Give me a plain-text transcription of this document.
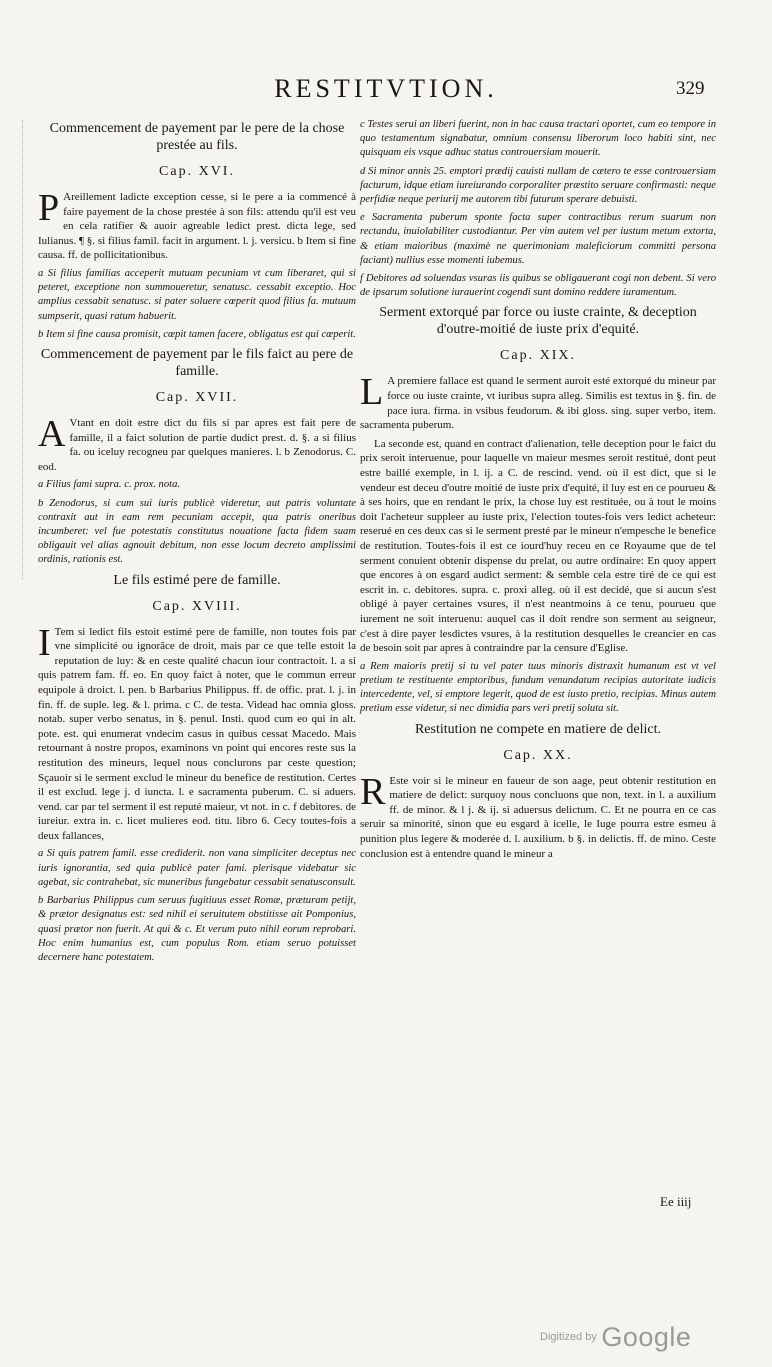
RESTITVTION.	329
Commencement de payement par le pere de la chose prestée au fils.
Cap. XVI.

P Areillement ladicte exception cesse, si le pere a ia commencé à faire payement de la chose prestée à son fils: attendu qu'il est veu en cela ratifier & auoir agreable ledict prest. dicta lege, sed Iulianus. ¶ §. si filius famil. facit in argument. l. j. versicu. b Item si fine causa. ff. de pollicitationibus.

a Si filius familias acceperit mutuam pecuniam vt cum liberaret, qui si peteret, exceptione non summoueretur, senatusc. cessabit exceptio. Hoc amplius cessabit senatusc. si pater soluere cœperit quod filius fa. mutuum sumpserit, quasi ratum habuerit.

b Item si fine causa promisit, cœpit tamen facere, obligatus est qui cœperit.

Commencement de payement par le fils faict au pere de famille.
Cap. XVII.

A Vtant en doit estre dict du fils si par apres est fait pere de famille, il a faict solution de partie dudict prest. d. §. a si filius fa. ou iceluy recogneu par quelques manieres. l. b Zenodorus. C. eod.

a Filius fami supra. c. prox. nota.

b Zenodorus, si cum sui iuris publicè videretur, aut patris voluntate contraxit aut in eam rem pecuniam accepit, qua patris oneribus incumberet: vel fue potestatis constitutus nouatione facta fidem suam obligauit vel alias agnouit debitum, non esse locum decreto amplissimi ordinis, rationis est.

Le fils estimé pere de famille.
Cap. XVIII.

I Tem si ledict fils estoit estimé pere de famille, non toutes fois par vne simplicité ou ignorâce de droit, mais par ce que telle estoit la reputation de luy: & en ceste qualité chacun iour contractoit. l. a si quis patrem fam. ff. eo. En quoy faict à noter, que le commun erreur equipole à droict. l. pen. b Barbarius Philippus. ff. de offic. prat. l. j. in fin. ff. de suple. leg. & l. prima. c C. de testa. Videad hac omnia gloss. notab. super verbo senatus, in §. penul. Insti. quod cum eo qui in alt. pote. est. qui enumerat vndecim casus in quibus cessat Macedo. Mais retournant à nostre propos, examinons vn point qui encores reste sus la restitution des mineurs, lequel nous conclurons par ceste question; Sçauoir si le serment exclud le mineur du benefice de restitution. Certes il est exclud. lege j. d iuncta. l. e sacramenta puberum. C. si aduers. vend. car par tel serment il est reputé maieur, vt not. in c. f debitores. de iureiur. extra in. c. licet mulieres eod. titu. libro 6. Cecy toutes-fois a deux fallances,

a Si quis patrem famil. esse crediderit. non vana simpliciter deceptus nec iuris ignorantia, sed quia publicè pater fami. plerisque videbatur sic agebat, sic contrahebat, sic muneribus fungebatur cessabit senatusconsult.

b Barbarius Philippus cum seruus fugitiuus esset Romæ, præturam petijt, & prætor designatus est: sed nihil ei seruitutem obstitisse ait Pomponius, quasi prætor non fuerit. At qui & c. Et verum puto nihil eorum reprobari. Hoc enim humanius est, cum populus Rom. etiam seruo potuisset decernere hanc potestatem.

c Testes serui an liberi fuerint, non in hac causa tractari oportet, cum eo tempore in quo testamentum signabatur, omnium consensu liberorum loco habiti sint, nec quisquam eis vsque adhuc status controuersiam mouerit.

d Si minor annis 25. emptori prædij cauisti nullam de cætero te esse controuersiam facturum, idque etiam iureiurando corporaliter præstito seruare confirmasti: neque perfidiæ neque periurij me autorem tibi futurum sperare debuisti.

e Sacramenta puberum sponte facta super contractibus rerum suarum non rectandu, inuiolabiliter custodiantur. Per vim autem vel per iustum metum extorta, & etiam maioribus (maximè ne querimoniam maleficiorum committi persona faciant) nullius esse momenti iubemus.

f Debitores ad soluendas vsuras iis quibus se obligauerant cogi non debent. Si vero de ipsarum solutione iurauerint cogendi sunt domino reddere iuramentum.

Serment extorqué par force ou iuste crainte, & deception d'outre-moitié de iuste prix d'equité.
Cap. XIX.

L A premiere fallace est quand le serment auroit esté extorqué du mineur par force ou iuste crainte, vt iuribus supra alleg. Similis est textus in §. fin. de pace iura. firma. in vsibus feudorum. & ibi gloss. sing. super verbo, item. sacramenta puberum.

La seconde est, quand en contract d'alienation, telle deception pour le faict du prix seroit interuenue, pour laquelle vn maieur mesmes seroit restitué, dont peut estre baillé exemple, in l. ij. a C. de rescind. vend. où il est dict, que si le vendeur est deceu d'outre moitié de iuste prix d'equité, il luy est en ce pourueu & à ses hoirs, que en rendant le prix, la chose luy est restituée, ou à tout le moins doit l'acheteur suppleer au iuste prix, l'election toutes-fois vers ledict acheteur: reserué en ces deux cas si le serment presté par le mineur n'empesche le benefice de restitution. Toutes-fois il est ce iourd'huy receu en ce Royaume que de tel serment conuient obtenir dispense du prelat, ou autre ordinaire: En quoy appert que encores à on esgard audict serment: & semble cela estre tiré de ce qui est escrit in. c. debitores. supra. c. proxi alleg. où il est decidé, que si aucun s'est obligé à payer certaines vsures, il n'est neantmoins à ce tenu, pourueu que iurement ne soit interuenu: auquel cas il doit rendre son serment au seigneur, c'est à dire payer lesdictes vsures, à la restitution desquelles le creancier en cas de besoin soit par apres à contraindre par la censure d'Eglise.

a Rem maioris pretij si tu vel pater tuus minoris distraxit humanum est vt vel pretium te restituente emptoribus, fundum venundatum recipias autoritate iudicis intercedente, vel, si emptore legerit, quod de est iusto pretio, recipias. Minus autem pretium esse videtur, si nec dimidia pars veri pretij soluta sit.

Restitution ne compete en matiere de delict.
Cap. XX.

R Este voir si le mineur en faueur de son aage, peut obtenir restitution en matiere de delict: surquoy nous concluons que non, text. in l. a auxilium ff. de minor. & l j. & ij. si aduersus delictum. C. Et ne pourra en ce cas seruir sa minorité, sinon que eu esgard à icelle, le Iuge pourra estre esmeu à punition plus legere & moderée d. l. auxilium. b §. in delictis. ff. de mino. Ceste conclusion est à entendre quand le mineur a

Ee iiij
$^{Digitized by}$ Google
